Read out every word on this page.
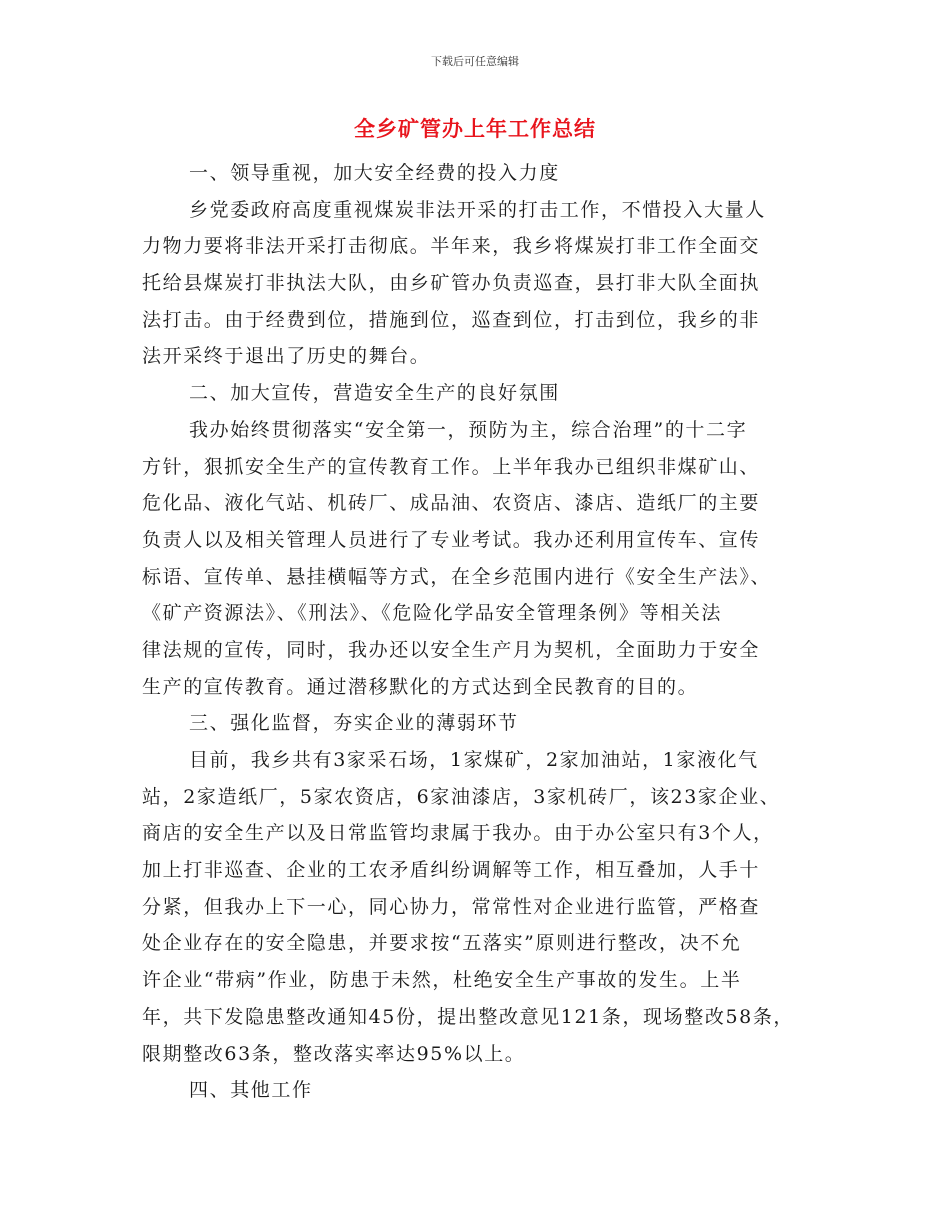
下载后可任意编辑
全乡矿管办上年工作总结
一、领导重视，加大安全经费的投入力度
乡党委政府高度重视煤炭非法开采的打击工作，不惜投入大量人
力物力要将非法开采打击彻底。半年来，我乡将煤炭打非工作全面交
托给县煤炭打非执法大队，由乡矿管办负责巡查，县打非大队全面执
法打击。由于经费到位，措施到位，巡查到位，打击到位，我乡的非
法开采终于退出了历史的舞台。
二、加大宣传，营造安全生产的良好氛围
我办始终贯彻落实“安全第一，预防为主，综合治理”的十二字
方针，狠抓安全生产的宣传教育工作。上半年我办已组织非煤矿山、
危化品、液化气站、机砖厂、成品油、农资店、漆店、造纸厂的主要
负责人以及相关管理人员进行了专业考试。我办还利用宣传车、宣传
标语、宣传单、悬挂横幅等方式，在全乡范围内进行《安全生产法》、
《矿产资源法》、《刑法》、《危险化学品安全管理条例》等相关法
律法规的宣传，同时，我办还以安全生产月为契机，全面助力于安全
生产的宣传教育。通过潜移默化的方式达到全民教育的目的。
三、强化监督，夯实企业的薄弱环节
目前，我乡共有3家采石场，1家煤矿，2家加油站，1家液化气
站，2家造纸厂，5家农资店，6家油漆店，3家机砖厂，该23家企业、
商店的安全生产以及日常监管均隶属于我办。由于办公室只有3个人，
加上打非巡查、企业的工农矛盾纠纷调解等工作，相互叠加，人手十
分紧，但我办上下一心，同心协力，常常性对企业进行监管，严格查
处企业存在的安全隐患，并要求按“五落实”原则进行整改，决不允
许企业“带病”作业，防患于未然，杜绝安全生产事故的发生。上半
年，共下发隐患整改通知45份，提出整改意见121条，现场整改58条，
限期整改63条，整改落实率达95%以上。
四、其他工作
